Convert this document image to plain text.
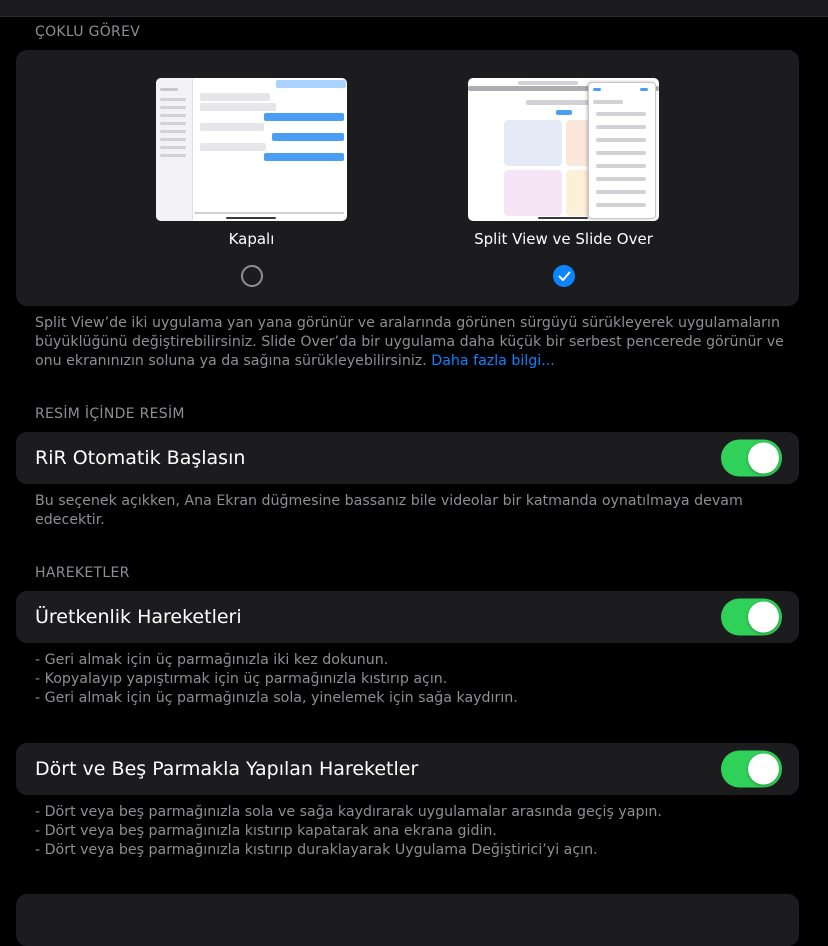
ÇOKLU GÖREV
Kapalı	Split View ve Slide Over
Split View’de iki uygulama yan yana görünür ve aralarında görünen sürgüyü sürükleyerek uygulamaların büyüklüğünü değiştirebilirsiniz. Slide Over’da bir uygulama daha küçük bir serbest pencerede görünür ve onu ekranınızın soluna ya da sağına sürükleyebilirsiniz. Daha fazla bilgi...
RESİM İÇİNDE RESİM
RiR Otomatik Başlasın
Bu seçenek açıkken, Ana Ekran düğmesine bassanız bile videolar bir katmanda oynatılmaya devam edecektir.
HAREKETLER
Üretkenlik Hareketleri
- Geri almak için üç parmağınızla iki kez dokunun.
- Kopyalayıp yapıştırmak için üç parmağınızla kıstırıp açın.
- Geri almak için üç parmağınızla sola, yinelemek için sağa kaydırın.
Dört ve Beş Parmakla Yapılan Hareketler
- Dört veya beş parmağınızla sola ve sağa kaydırarak uygulamalar arasında geçiş yapın.
- Dört veya beş parmağınızla kıstırıp kapatarak ana ekrana gidin.
- Dört veya beş parmağınızla kıstırıp duraklayarak Uygulama Değiştirici’yi açın.
